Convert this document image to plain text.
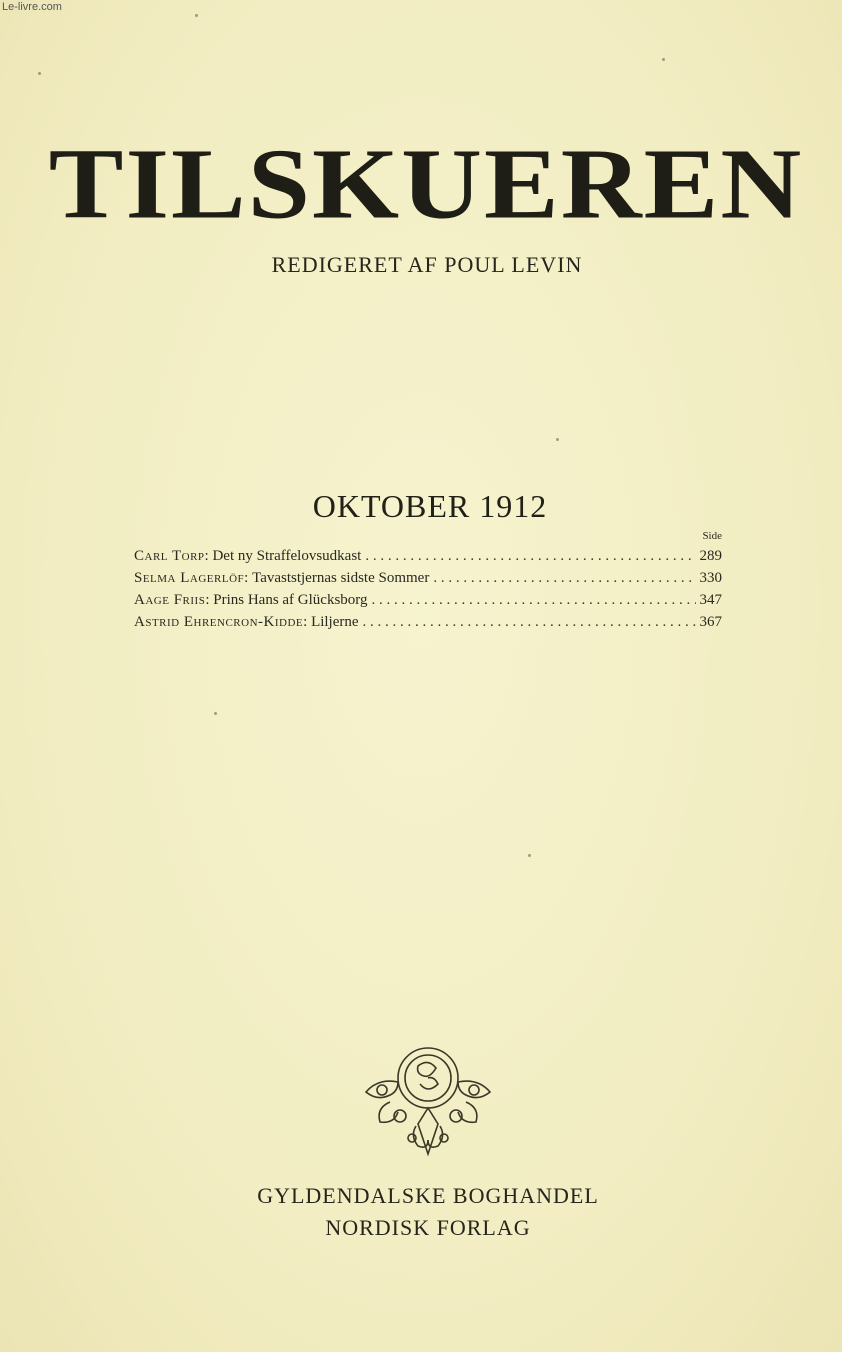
Le-livre.com
TILSKUEREN
REDIGERET AF POUL LEVIN
OKTOBER 1912
Side
Carl Torp : Det ny Straffelovsudkast . . .	289
Selma Lagerlöf : Tavaststjernas sidste Sommer . . .	330
Aage Friis : Prins Hans af Glücksborg . . .	347
Astrid Ehrencron-Kidde : Liljerne . . .	367
GYLDENDALSKE BOGHANDEL
NORDISK FORLAG
